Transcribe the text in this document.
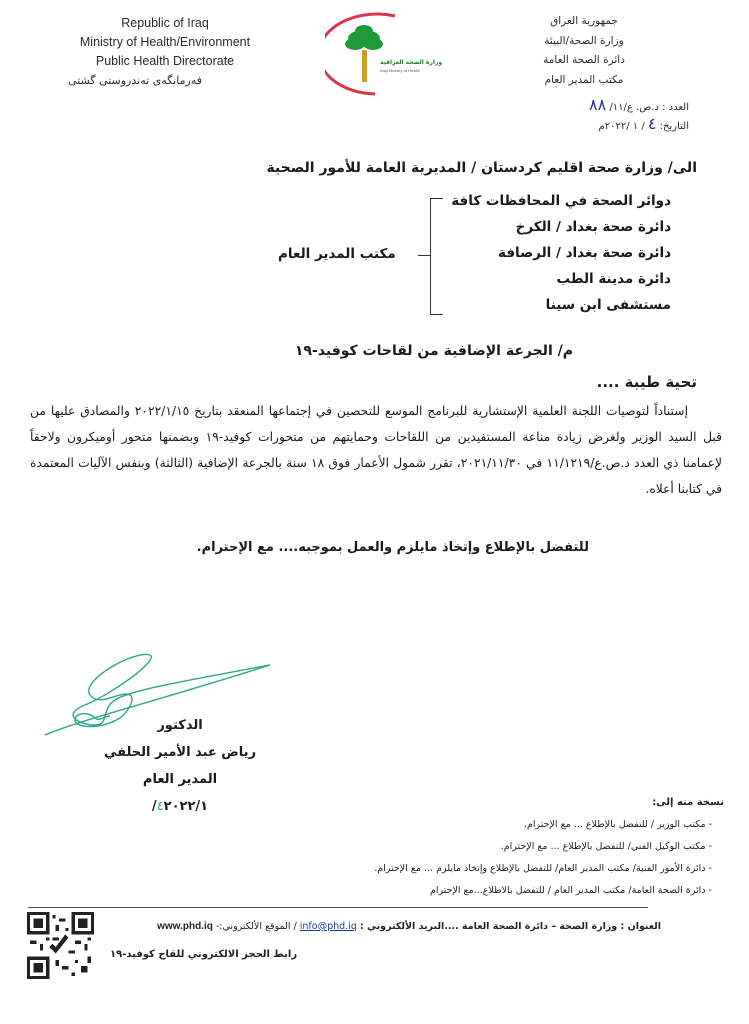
Republic of Iraq
Ministry of Health/Environment
Public Health Directorate
فەرمانگەی تەندروستی گشتی
وزارة الصحة العراقية
Iraqi Ministry of Health
جمهورية العراق
وزارة الصحة/البيئة
دائرة الصحة العامة
مكتب المدير العام
العدد : د.ص. ع/١١/ ٨٨
التاريخ: ٤ / ١ /٢٠٢٢م
الى/ وزارة صحة اقليم كردستان / المديرية العامة للأمور الصحية
دوائر الصحة في المحافظات كافة
دائرة صحة بغداد / الكرخ
دائرة صحة بغداد / الرصافة
دائرة مدينة الطب
مستشفى ابن سينا
مكتب المدير العام
م/ الجرعة الإضافية من لقاحات كوفيد-١٩
تحية طيبة ....
إستناداً لتوصيات اللجنة العلمية الإستشارية للبرنامج الموسع للتحصين في إجتماعها المنعقد بتاريخ ٢٠٢٢/١/١٥ والمصادق عليها من قبل السيد الوزير ولغرض زيادة مناعة المستفيدين من اللقاحات وحمايتهم من متحورات كوفيد-١٩ وبضمنها متحور أوميكرون ولاحقاً لإعمامنا ذي العدد د.ص.ع/١١/١٢١٩ في ٢٠٢١/١١/٣٠، تقرر شمول الأعمار فوق ١٨ سنة بالجرعة الإضافية (الثالثة) وبنفس الآليات المعتمدة في كتابنا أعلاه.
للتفضل بالإطلاع وإتخاذ مايلزم والعمل بموجبه.... مع الإحترام.
الدكتور
رياض عبد الأمير الحلفي
المدير العام
٤٢٠٢٢/١/	نسخة منه إلى:
- مكتب الوزير / للتفضل بالإطلاع ... مع الإحترام.
- مكتب الوكيل الفني/ للتفضل بالإطلاع ... مع الإحترام.
- دائرة الأمور الفنية/ مكتب المدير العام/ للتفضل بالإطلاع وإتخاذ مايلزم ... مع الإحترام.
- دائرة الصحة العامة/ مكتب المدير العام / للتفضل بالاطلاع...مع الإحترام
العنوان : وزارة الصحة – دائرة الصحة العامة ....البريد الألكتروني : info@phd.iq / الموقع الألكتروني:- www.phd.iq
رابط الحجز الالكتروني للقاح كوفيد-١٩
